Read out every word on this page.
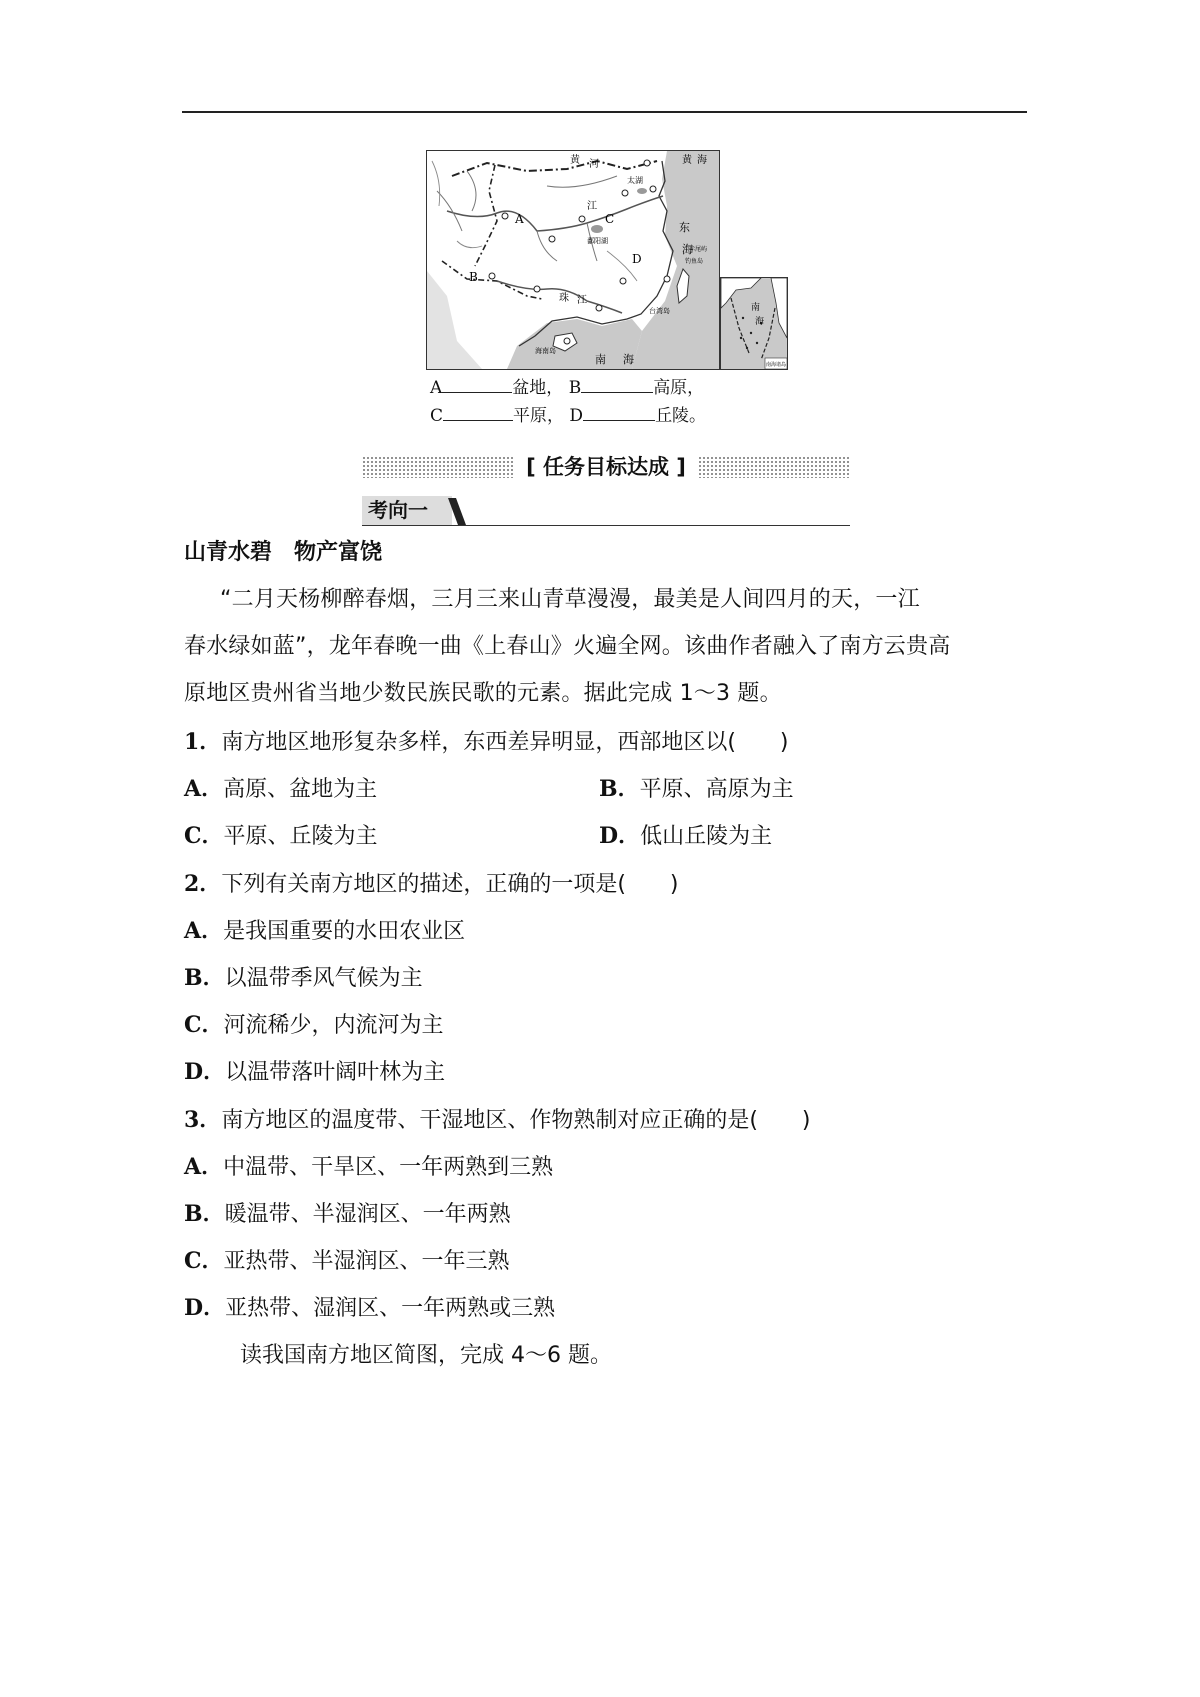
黄 河	黄 海
江
珠 江
东
海
南 海
太湖
鄱阳湖
台湾岛
海南岛
赤尾屿
钓鱼岛
A
B
C
D
南
海
南海诸岛
A	盆地， B	高原，
C	平原， D	丘陵。
[ 任务目标达成 ]
考向一
山青水碧　物产富饶
“二月天杨柳醉春烟，三月三来山青草漫漫，最美是人间四月的天，一江
春水绿如蓝”，龙年春晚一曲《上春山》火遍全网。该曲作者融入了南方云贵高
原地区贵州省当地少数民族民歌的元素。据此完成 1～3 题。
1．南方地区地形复杂多样，东西差异明显，西部地区以(　　)
A．高原、盆地为主	B．平原、高原为主
C．平原、丘陵为主	D．低山丘陵为主
2．下列有关南方地区的描述，正确的一项是(　　)
A．是我国重要的水田农业区
B．以温带季风气候为主
C．河流稀少，内流河为主
D．以温带落叶阔叶林为主
3．南方地区的温度带、干湿地区、作物熟制对应正确的是(　　)
A．中温带、干旱区、一年两熟到三熟
B．暖温带、半湿润区、一年两熟
C．亚热带、半湿润区、一年三熟
D．亚热带、湿润区、一年两熟或三熟
读我国南方地区简图，完成 4～6 题。
